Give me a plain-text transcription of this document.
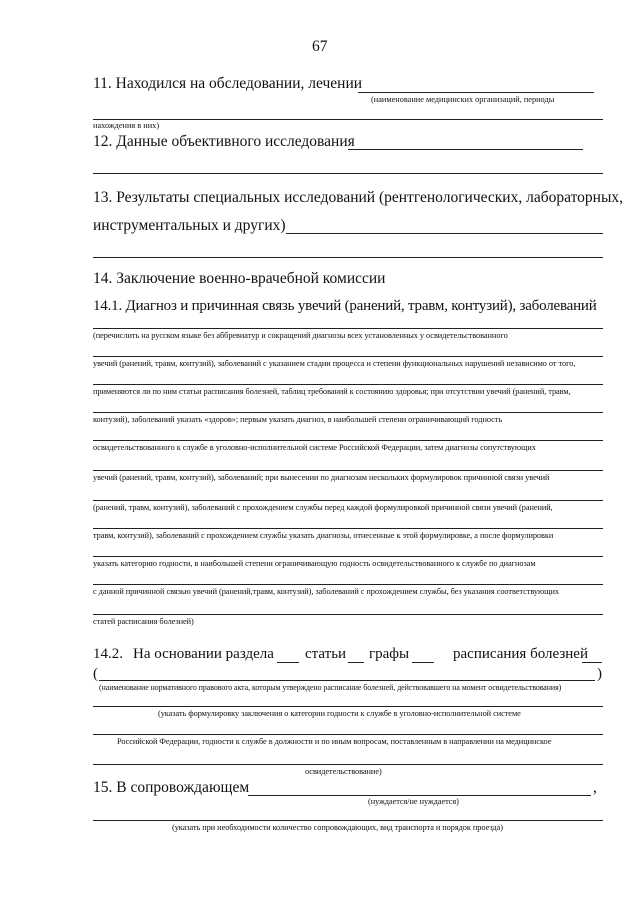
67
11. Находился на обследовании, лечении
(наименование медицинских организаций, периоды
нахождения в них)
12. Данные объективного исследования
13. Результаты специальных исследований (рентгенологических, лабораторных,
инструментальных и других)
14. Заключение военно-врачебной комиссии
14.1. Диагноз и причинная связь увечий (ранений, травм, контузий), заболеваний
(перечислить на русском языке без аббревиатур и сокращений диагнозы всех установленных у освидетельствованного
увечий (ранений, травм, контузий), заболеваний с указанием стадии процесса и степени функциональных нарушений независимо от того,
применяются ли по ним статьи расписания болезней, таблиц требований к состоянию здоровья; при отсутствии увечий (ранений, травм,
контузий), заболеваний указать «здоров»; первым указать диагноз, в наибольшей степени ограничивающий годность
освидетельствованного к службе в уголовно-исполнительной системе Российской Федерации, затем диагнозы сопутствующих
увечий (ранений, травм, контузий), заболеваний; при вынесении по диагнозам нескольких формулировок причинной связи увечий
(ранений, травм, контузий), заболеваний с прохождением службы перед каждой формулировкой причинной связи увечий (ранений,
травм, контузий), заболеваний с прохождением службы указать диагнозы, отнесенные к этой формулировке, а после формулировки
указать категорию годности, в наибольшей степени ограничивающую годность освидетельствованного к службе по диагнозам
с данной причинной связью увечий (ранений,травм, контузий), заболеваний с прохождением службы, без указания соответствующих
статей расписания болезней)
14.2. На основании раздела статьи графы	расписания болезней
(	)
(наименование нормативного правового акта, которым утверждено расписание болезней, действовавшего на момент освидетельствования)
(указать формулировку заключения о категории годности к службе в уголовно-исполнительной системе
Российской Федерации, годности к службе в должности и по иным вопросам, поставленным в направлении на медицинское
освидетельствование)
15. В сопровождающем	,
(нуждается/не нуждается)
(указать при необходимости количество сопровождающих, вид транспорта и порядок проезда)
